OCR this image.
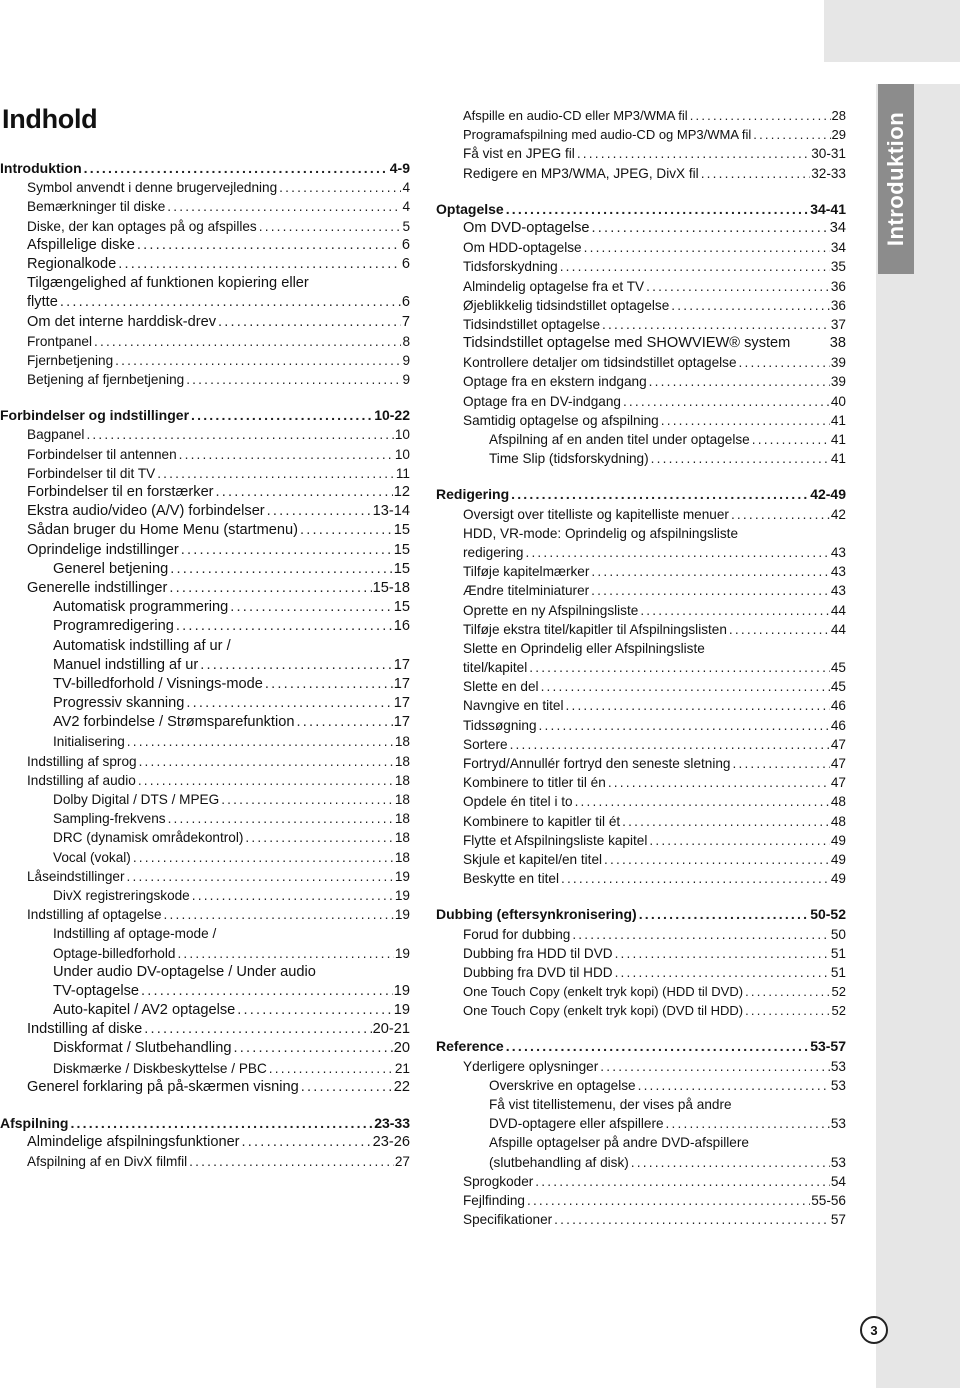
Introduktion
Indhold
Introduktion .....	4-9
Symbol anvendt i denne brugervejledning .....	4
Bemærkninger til diske .....	4
Diske, der kan optages på og afspilles .....	5
Afspillelige diske .....	6
Regionalkode .....	6
Tilgængelighed af funktionen kopiering eller
flytte .....	6
Om det interne harddisk-drev .....	7
Frontpanel .....	8
Fjernbetjening .....	9
Betjening af fjernbetjening .....	9
Forbindelser og indstillinger .....	10-22
Bagpanel .....	10
Forbindelser til antennen .....	10
Forbindelser til dit TV .....	11
Forbindelser til en forstærker .....	12
Ekstra audio/video (A/V) forbindelser .....	13-14
Sådan bruger du Home Menu (startmenu) .....	15
Oprindelige indstillinger .....	15
Generel betjening .....	15
Generelle indstillinger .....	15-18
Automatisk programmering .....	15
Programredigering .....	16
Automatisk indstilling af ur /
Manuel indstilling af ur .....	17
TV-billedforhold / Visnings-mode .....	17
Progressiv skanning .....	17
AV2 forbindelse / Strømsparefunktion .....	17
Initialisering .....	18
Indstilling af sprog .....	18
Indstilling af audio .....	18
Dolby Digital / DTS / MPEG .....	18
Sampling-frekvens .....	18
DRC (dynamisk områdekontrol) .....	18
Vocal (vokal) .....	18
Låseindstillinger .....	19
DivX registreringskode .....	19
Indstilling af optagelse .....	19
Indstilling af optage-mode /
Optage-billedforhold .....	19
Under audio DV-optagelse / Under audio
TV-optagelse .....	19
Auto-kapitel / AV2 optagelse .....	19
Indstilling af diske .....	20-21
Diskformat / Slutbehandling .....	20
Diskmærke / Diskbeskyttelse / PBC .....	21
Generel forklaring på på-skærmen visning .....	22
Afspilning .....	23-33
Almindelige afspilningsfunktioner .....	23-26
Afspilning af en DivX filmfil .....	27
Afspille en audio-CD eller MP3/WMA fil .....	28
Programafspilning med audio-CD og MP3/WMA fil .....	29
Få vist en JPEG fil .....	30-31
Redigere en MP3/WMA, JPEG, DivX fil .....	32-33
Optagelse .....	34-41
Om DVD-optagelse .....	34
Om HDD-optagelse .....	34
Tidsforskydning .....	35
Almindelig optagelse fra et TV .....	36
Øjeblikkelig tidsindstillet optagelse .....	36
Tidsindstillet optagelse .....	37
Tidsindstillet optagelse med SHOWVIEW® system	38
Kontrollere detaljer om tidsindstillet optagelse .....	39
Optage fra en ekstern indgang .....	39
Optage fra en DV-indgang .....	40
Samtidig optagelse og afspilning .....	41
Afspilning af en anden titel under optagelse .....	41
Time Slip (tidsforskydning) .....	41
Redigering .....	42-49
Oversigt over titelliste og kapitelliste menuer .....	42
HDD, VR-mode: Oprindelig og afspilningsliste
redigering .....	43
Tilføje kapitelmærker .....	43
Ændre titelminiaturer .....	43
Oprette en ny Afspilningsliste .....	44
Tilføje ekstra titel/kapitler til Afspilningslisten .....	44
Slette en Oprindelig eller Afspilningsliste
titel/kapitel .....	45
Slette en del .....	45
Navngive en titel .....	46
Tidssøgning .....	46
Sortere .....	47
Fortryd/Annullér fortryd den seneste sletning .....	47
Kombinere to titler til én .....	47
Opdele én titel i to .....	48
Kombinere to kapitler til ét .....	48
Flytte et Afspilningsliste kapitel .....	49
Skjule et kapitel/en titel .....	49
Beskytte en titel .....	49
Dubbing (eftersynkronisering) .....	50-52
Forud for dubbing .....	50
Dubbing fra HDD til DVD .....	51
Dubbing fra DVD til HDD .....	51
One Touch Copy (enkelt tryk kopi) (HDD til DVD) .....	52
One Touch Copy (enkelt tryk kopi) (DVD til HDD) .....	52
Reference .....	53-57
Yderligere oplysninger .....	53
Overskrive en optagelse .....	53
Få vist titellistemenu, der vises på andre
DVD-optagere eller afspillere .....	53
Afspille optagelser på andre DVD-afspillere
(slutbehandling af disk) .....	53
Sprogkoder .....	54
Fejlfinding .....	55-56
Specifikationer .....	57
3
